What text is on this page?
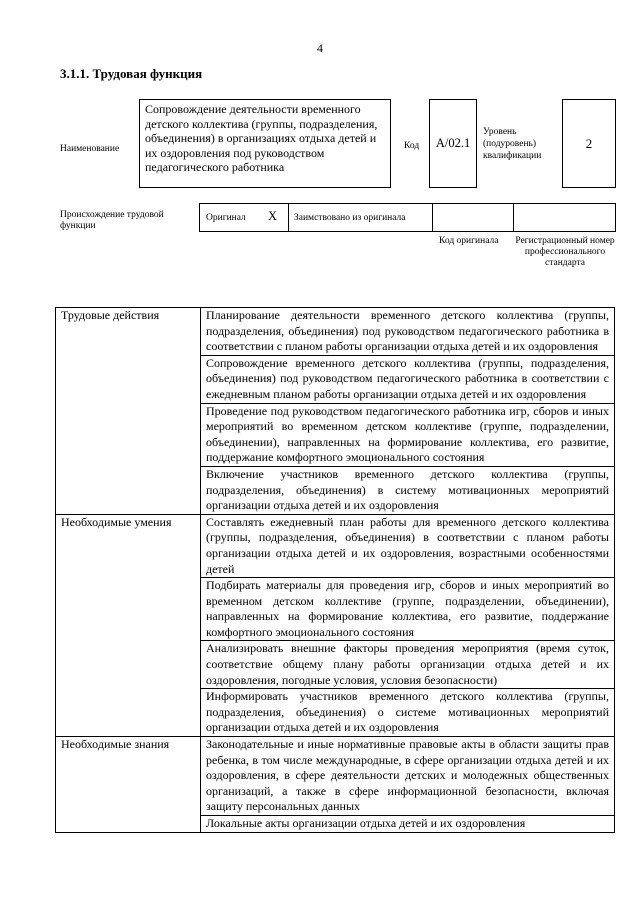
4
3.1.1. Трудовая функция
Наименование
Сопровождение деятельности временного детского коллектива (группы, подразделения, объединения) в организациях отдыха детей и их оздоровления под руководством педагогического работника
Код A/02.1
Уровень (подуровень) квалификации
2
Происхождение трудовой функции
Оригинал X Заимствовано из оригинала
Код оригинала Регистрационный номер профессионального стандарта
Трудовые действия	Планирование деятельности временного детского коллектива (группы, подразделения, объединения) под руководством педагогического работника в соответствии с планом работы организации отдыха детей и их оздоровления
	Сопровождение временного детского коллектива (группы, подразделения, объединения) под руководством педагогического работника в соответствии с ежедневным планом работы организации отдыха детей и их оздоровления
	Проведение под руководством педагогического работника игр, сборов и иных мероприятий во временном детском коллективе (группе, подразделении, объединении), направленных на формирование коллектива, его развитие, поддержание комфортного эмоционального состояния
	Включение участников временного детского коллектива (группы, подразделения, объединения) в систему мотивационных мероприятий организации отдыха детей и их оздоровления
Необходимые умения	Составлять ежедневный план работы для временного детского коллектива (группы, подразделения, объединения) в соответствии с планом работы организации отдыха детей и их оздоровления, возрастными особенностями детей
	Подбирать материалы для проведения игр, сборов и иных мероприятий во временном детском коллективе (группе, подразделении, объединении), направленных на формирование коллектива, его развитие, поддержание комфортного эмоционального состояния
	Анализировать внешние факторы проведения мероприятия (время суток, соответствие общему плану работы организации отдыха детей и их оздоровления, погодные условия, условия безопасности)
	Информировать участников временного детского коллектива (группы, подразделения, объединения) о системе мотивационных мероприятий организации отдыха детей и их оздоровления
Необходимые знания	Законодательные и иные нормативные правовые акты в области защиты прав ребенка, в том числе международные, в сфере организации отдыха детей и их оздоровления, в сфере деятельности детских и молодежных общественных организаций, а также в сфере информационной безопасности, включая защиту персональных данных
	Локальные акты организации отдыха детей и их оздоровления
